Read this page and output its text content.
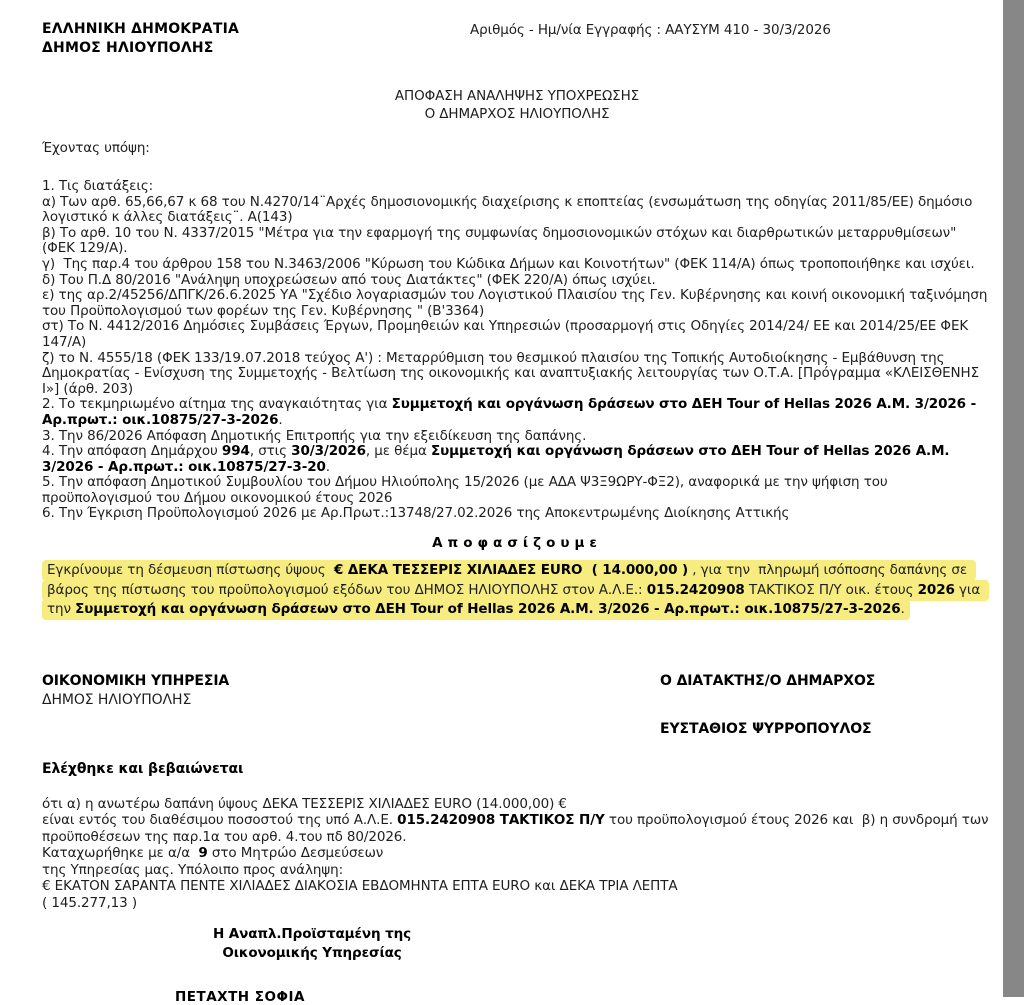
ΕΛΛΗΝΙΚΗ ΔΗΜΟΚΡΑΤΙΑ
ΔΗΜΟΣ ΗΛΙΟΥΠΟΛΗΣ
Αριθμός - Ημ/νία Εγγραφής : ΑΑΥΣΥΜ 410 - 30/3/2026
ΑΠΟΦΑΣΗ ΑΝΑΛΗΨΗΣ ΥΠΟΧΡΕΩΣΗΣ
Ο ΔΗΜΑΡΧΟΣ ΗΛΙΟΥΠΟΛΗΣ
Έχοντας υπόψη:
1. Τις διατάξεις:
α) Των αρθ. 65,66,67 κ 68 του Ν.4270/14¨Αρχές δημοσιονομικής διαχείρισης κ εποπτείας (ενσωμάτωση της οδηγίας 2011/85/ΕΕ) δημόσιο λογιστικό κ άλλες διατάξεις¨. Α(143)
β) Το αρθ. 10 του Ν. 4337/2015 "Μέτρα για την εφαρμογή της συμφωνίας δημοσιονομικών στόχων και διαρθρωτικών μεταρρυθμίσεων" (ΦΕΚ 129/Α).
γ)  Της παρ.4 του άρθρου 158 του Ν.3463/2006 "Κύρωση του Κώδικα Δήμων και Κοινοτήτων" (ΦΕΚ 114/Α) όπως τροποποιήθηκε και ισχύει.
δ) Του Π.Δ 80/2016 "Ανάληψη υποχρεώσεων από τους Διατάκτες" (ΦΕΚ 220/Α) όπως ισχύει.
ε) της αρ.2/45256/ΔΠΓΚ/26.6.2025 ΥΑ "Σχέδιο λογαριασμών του Λογιστικού Πλαισίου της Γεν. Κυβέρνησης και κοινή οικονομική ταξινόμηση του Προϋπολογισμού των φορέων της Γεν. Κυβέρνησης " (Β'3364)
στ) Το Ν. 4412/2016 Δημόσιες Συμβάσεις Έργων, Προμηθειών και Υπηρεσιών (προσαρμογή στις Οδηγίες 2014/24/ ΕΕ και 2014/25/ΕΕ ΦΕΚ 147/Α)
ζ) το Ν. 4555/18 (ΦΕΚ 133/19.07.2018 τεύχος Α') : Μεταρρύθμιση του θεσμικού πλαισίου της Τοπικής Αυτοδιοίκησης - Εμβάθυνση της Δημοκρατίας - Ενίσχυση της Συμμετοχής - Βελτίωση της οικονομικής και αναπτυξιακής λειτουργίας των Ο.Τ.Α. [Πρόγραμμα «ΚΛΕΙΣΘΕΝΗΣ Ι»] (άρθ. 203)
2. Το τεκμηριωμένο αίτημα της αναγκαιότητας για Συμμετοχή και οργάνωση δράσεων στο ΔΕΗ Tour of Hellas 2026 Α.Μ. 3/2026 - Αρ.πρωτ.: οικ.10875/27-3-2026.
3. Την 86/2026 Απόφαση Δημοτικής Επιτροπής για την εξειδίκευση της δαπάνης.
4. Την απόφαση Δημάρχου 994, στις 30/3/2026, με θέμα Συμμετοχή και οργάνωση δράσεων στο ΔΕΗ Tour of Hellas 2026 Α.Μ. 3/2026 - Αρ.πρωτ.: οικ.10875/27-3-20.
5. Την απόφαση Δημοτικού Συμβουλίου του Δήμου Ηλιούπολης 15/2026 (με ΑΔΑ Ψ3Ξ9ΩΡΥ-ΦΞ2), αναφορικά με την ψήφιση του προϋπολογισμού του Δήμου οικονομικού έτους 2026
6. Την Έγκριση Προϋπολογισμού 2026 με Αρ.Πρωτ.:13748/27.02.2026 της Αποκεντρωμένης Διοίκησης Αττικής
Αποφασίζουμε
Εγκρίνουμε τη δέσμευση πίστωσης ύψους  € ΔΕΚΑ ΤΕΣΣΕΡΙΣ ΧΙΛΙΑΔΕΣ EURO  ( 14.000,00 ) , για την  πληρωμή ισόποσης δαπάνης σε βάρος της πίστωσης του προϋπολογισμού εξόδων του ΔΗΜΟΣ ΗΛΙΟΥΠΟΛΗΣ στον Α.Λ.Ε.: 015.2420908 ΤΑΚΤΙΚΟΣ Π/Υ οικ. έτους 2026 για την Συμμετοχή και οργάνωση δράσεων στο ΔΕΗ Tour of Hellas 2026 Α.Μ. 3/2026 - Αρ.πρωτ.: οικ.10875/27-3-2026.
ΟΙΚΟΝΟΜΙΚΗ ΥΠΗΡΕΣΙΑ
ΔΗΜΟΣ ΗΛΙΟΥΠΟΛΗΣ
Ο ΔΙΑΤΑΚΤΗΣ/Ο ΔΗΜΑΡΧΟΣ
ΕΥΣΤΑΘΙΟΣ ΨΥΡΡΟΠΟΥΛΟΣ
Ελέχθηκε και βεβαιώνεται
ότι α) η ανωτέρω δαπάνη ύψους ΔΕΚΑ ΤΕΣΣΕΡΙΣ ΧΙΛΙΑΔΕΣ EURO (14.000,00) €
είναι εντός του διαθέσιμου ποσοστού της υπό Α.Λ.Ε. 015.2420908 ΤΑΚΤΙΚΟΣ Π/Υ του προϋπολογισμού έτους 2026 και  β) η συνδρομή των
προϋποθέσεων της παρ.1α του αρθ. 4.του πδ 80/2026.
Καταχωρήθηκε με α/α  9 στο Μητρώο Δεσμεύσεων
της Υπηρεσίας μας. Υπόλοιπο προς ανάληψη:
€ ΕΚΑΤΟΝ ΣΑΡΑΝΤΑ ΠΕΝΤΕ ΧΙΛΙΑΔΕΣ ΔΙΑΚΟΣΙΑ ΕΒΔΟΜΗΝΤΑ ΕΠΤΑ EURO και ΔΕΚΑ ΤΡΙΑ ΛΕΠΤΑ
( 145.277,13 )
Η Αναπλ.Προϊσταμένη της
Οικονομικής Υπηρεσίας
ΠΕΤΑΧΤΗ ΣΟΦΙΑ
